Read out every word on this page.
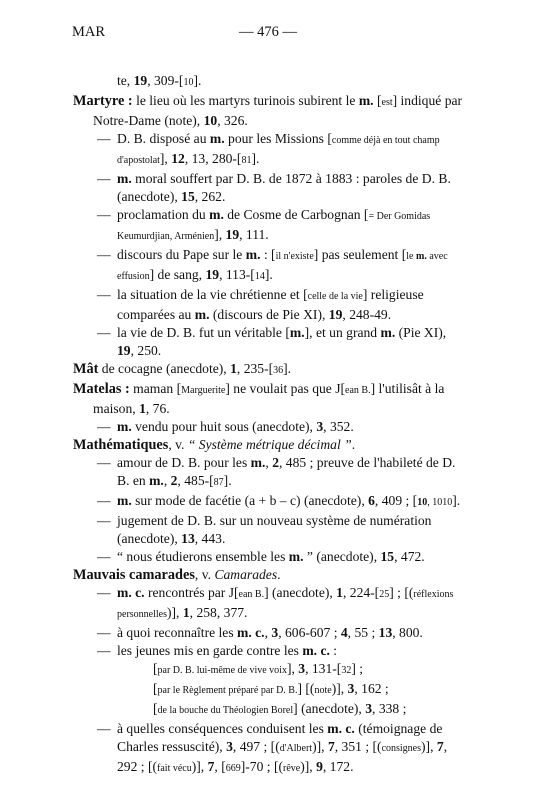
MAR	— 476 —
te, 19, 309-[10].
Martyre : le lieu où les martyrs turinois subirent le m. [est] indiqué par Notre-Dame (note), 10, 326.
— D. B. disposé au m. pour les Missions [comme déjà en tout champ d'apostolat], 12, 13, 280-[81].
— m. moral souffert par D. B. de 1872 à 1883 : paroles de D. B. (anecdote), 15, 262.
— proclamation du m. de Cosme de Carbognan [= Der Gomidas Keumurdjian, Arménien], 19, 111.
— discours du Pape sur le m. : [il n'existe] pas seulement [le m. avec effusion] de sang, 19, 113-[14].
— la situation de la vie chrétienne et [celle de la vie] religieuse comparées au m. (discours de Pie XI), 19, 248-49.
— la vie de D. B. fut un véritable [m.], et un grand m. (Pie XI), 19, 250.
Mât de cocagne (anecdote), 1, 235-[36].
Matelas : maman [Marguerite] ne voulait pas que J[ean B.] l'utilisât à la maison, 1, 76.
— m. vendu pour huit sous (anecdote), 3, 352.
Mathématiques, v. “ Système métrique décimal ”.
— amour de D. B. pour les m., 2, 485 ; preuve de l'habileté de D. B. en m., 2, 485-[87].
— m. sur mode de facétie (a + b – c) (anecdote), 6, 409 ; [10, 1010].
— jugement de D. B. sur un nouveau système de numération (anecdote), 13, 443.
— “ nous étudierons ensemble les m. ” (anecdote), 15, 472.
Mauvais camarades, v. Camarades.
— m. c. rencontrés par J[ean B.] (anecdote), 1, 224-[25] ; [(réflexions personnelles)], 1, 258, 377.
— à quoi reconnaître les m. c., 3, 606-607 ; 4, 55 ; 13, 800.
— les jeunes mis en garde contre les m. c. :
[par D. B. lui-même de vive voix], 3, 131-[32] ;
[par le Règlement préparé par D. B.] [(note)], 3, 162 ;
[de la bouche du Théologien Borel] (anecdote), 3, 338 ;
— à quelles conséquences conduisent les m. c. (témoignage de Charles ressuscité), 3, 497 ; [(d'Albert)], 7, 351 ; [(consignes)], 7, 292 ; [(fait vécu)], 7, [669]-70 ; [(rêve)], 9, 172.
